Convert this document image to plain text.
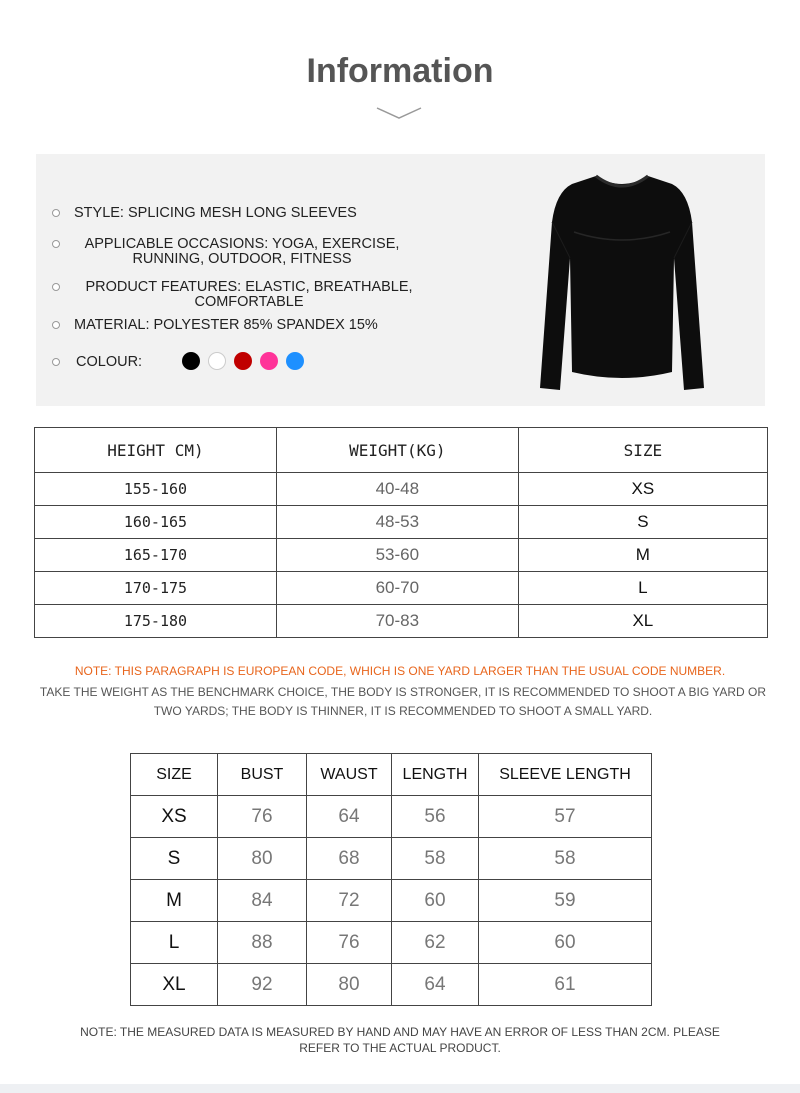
Information
STYLE: SPLICING MESH LONG SLEEVES
APPLICABLE OCCASIONS: YOGA, EXERCISE,
RUNNING, OUTDOOR, FITNESS
PRODUCT FEATURES: ELASTIC, BREATHABLE,
COMFORTABLE
MATERIAL: POLYESTER 85% SPANDEX 15%
COLOUR:
HEIGHT CM)	WEIGHT(KG)	SIZE
155-160	40-48	XS
160-165	48-53	S
165-170	53-60	M
170-175	60-70	L
175-180	70-83	XL
NOTE: THIS PARAGRAPH IS EUROPEAN CODE, WHICH IS ONE YARD LARGER THAN THE USUAL CODE NUMBER.
TAKE THE WEIGHT AS THE BENCHMARK CHOICE, THE BODY IS STRONGER, IT IS RECOMMENDED TO SHOOT A BIG YARD OR TWO YARDS; THE BODY IS THINNER, IT IS RECOMMENDED TO SHOOT A SMALL YARD.
SIZE	BUST	WAUST	LENGTH	SLEEVE LENGTH
XS	76	64	56	57
S	80	68	58	58
M	84	72	60	59
L	88	76	62	60
XL	92	80	64	61
NOTE: THE MEASURED DATA IS MEASURED BY HAND AND MAY HAVE AN ERROR OF LESS THAN 2CM. PLEASE REFER TO THE ACTUAL PRODUCT.
